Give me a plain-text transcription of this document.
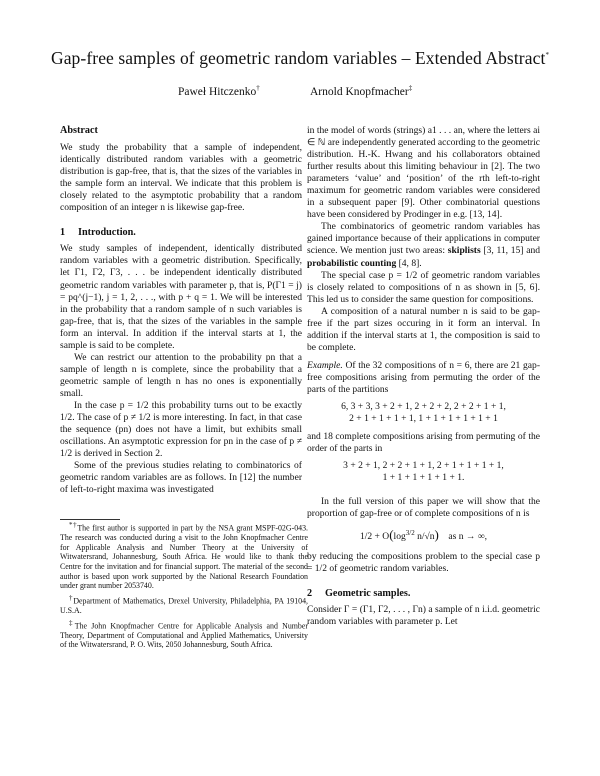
Gap-free samples of geometric random variables – Extended Abstract*
Paweł Hitczenko†	Arnold Knopfmacher‡

Abstract

We study the probability that a sample of independent, identically distributed random variables with a geometric distribution is gap-free, that is, that the sizes of the variables in the sample form an interval. We indicate that this problem is closely related to the asymptotic probability that a random composition of an integer n is likewise gap-free.

1 Introduction.

We study samples of independent, identically distributed random variables with a geometric distribution. Specifically, let Γ1, Γ2, Γ3, . . . be independent identically distributed geometric random variables with parameter p, that is, P(Γ1 = j) = pq^(j−1), j = 1, 2, . . ., with p + q = 1. We will be interested in the probability that a random sample of n such variables is gap-free, that is, that the sizes of the variables in the sample form an interval. In addition if the interval starts at 1, the sample is said to be complete.

We can restrict our attention to the probability pn that a sample of length n is complete, since the probability that a geometric sample of length n has no ones is exponentially small.

In the case p = 1/2 this probability turns out to be exactly 1/2. The case of p ≠ 1/2 is more interesting. In fact, in that case the sequence (pn) does not have a limit, but exhibits small oscillations. An asymptotic expression for pn in the case of p ≠ 1/2 is derived in Section 2.

Some of the previous studies relating to combinatorics of geometric random variables are as follows. In [12] the number of left-to-right maxima was investigated

*†The first author is supported in part by the NSA grant MSPF-02G-043. The research was conducted during a visit to the John Knopfmacher Centre for Applicable Analysis and Number Theory at the University of Witwatersrand, Johannesburg, South Africa. He would like to thank the Centre for the invitation and for financial support. The material of the second author is based upon work supported by the National Research Foundation under grant number 2053740.

†Department of Mathematics, Drexel University, Philadelphia, PA 19104, U.S.A.

‡The John Knopfmacher Centre for Applicable Analysis and Number Theory, Department of Computational and Applied Mathematics, University of the Witwatersrand, P. O. Wits, 2050 Johannesburg, South Africa.

in the model of words (strings) a1 . . . an, where the letters ai ∈ ℕ are independently generated according to the geometric distribution. H.-K. Hwang and his collaborators obtained further results about this limiting behaviour in [2]. The two parameters ‘value’ and ‘position’ of the rth left-to-right maximum for geometric random variables were considered in a subsequent paper [9]. Other combinatorial questions have been considered by Prodinger in e.g. [13, 14].

The combinatorics of geometric random variables has gained importance because of their applications in computer science. We mention just two areas: skiplists [3, 11, 15] and probabilistic counting [4, 8].

The special case p = 1/2 of geometric random variables is closely related to compositions of n as shown in [5, 6]. This led us to consider the same question for compositions.

A composition of a natural number n is said to be gap-free if the part sizes occuring in it form an interval. In addition if the interval starts at 1, the composition is said to be complete.

Example. Of the 32 compositions of n = 6, there are 21 gap-free compositions arising from permuting the order of the parts of the partitions

6, 3 + 3, 3 + 2 + 1, 2 + 2 + 2, 2 + 2 + 1 + 1,

2 + 1 + 1 + 1 + 1, 1 + 1 + 1 + 1 + 1 + 1

and 18 complete compositions arising from permuting of the order of the parts in

3 + 2 + 1, 2 + 2 + 1 + 1, 2 + 1 + 1 + 1 + 1,

1 + 1 + 1 + 1 + 1 + 1.

In the full version of this paper we will show that the proportion of gap-free or of complete compositions of n is

$1/2 + O(\log^{3/2}$ n/√n) as n → ∞,

by reducing the compositions problem to the special case p = 1/2 of geometric random variables.

2 Geometric samples.

Consider Γ = (Γ1, Γ2, . . . , Γn) a sample of n i.i.d. geometric random variables with parameter p. Let
